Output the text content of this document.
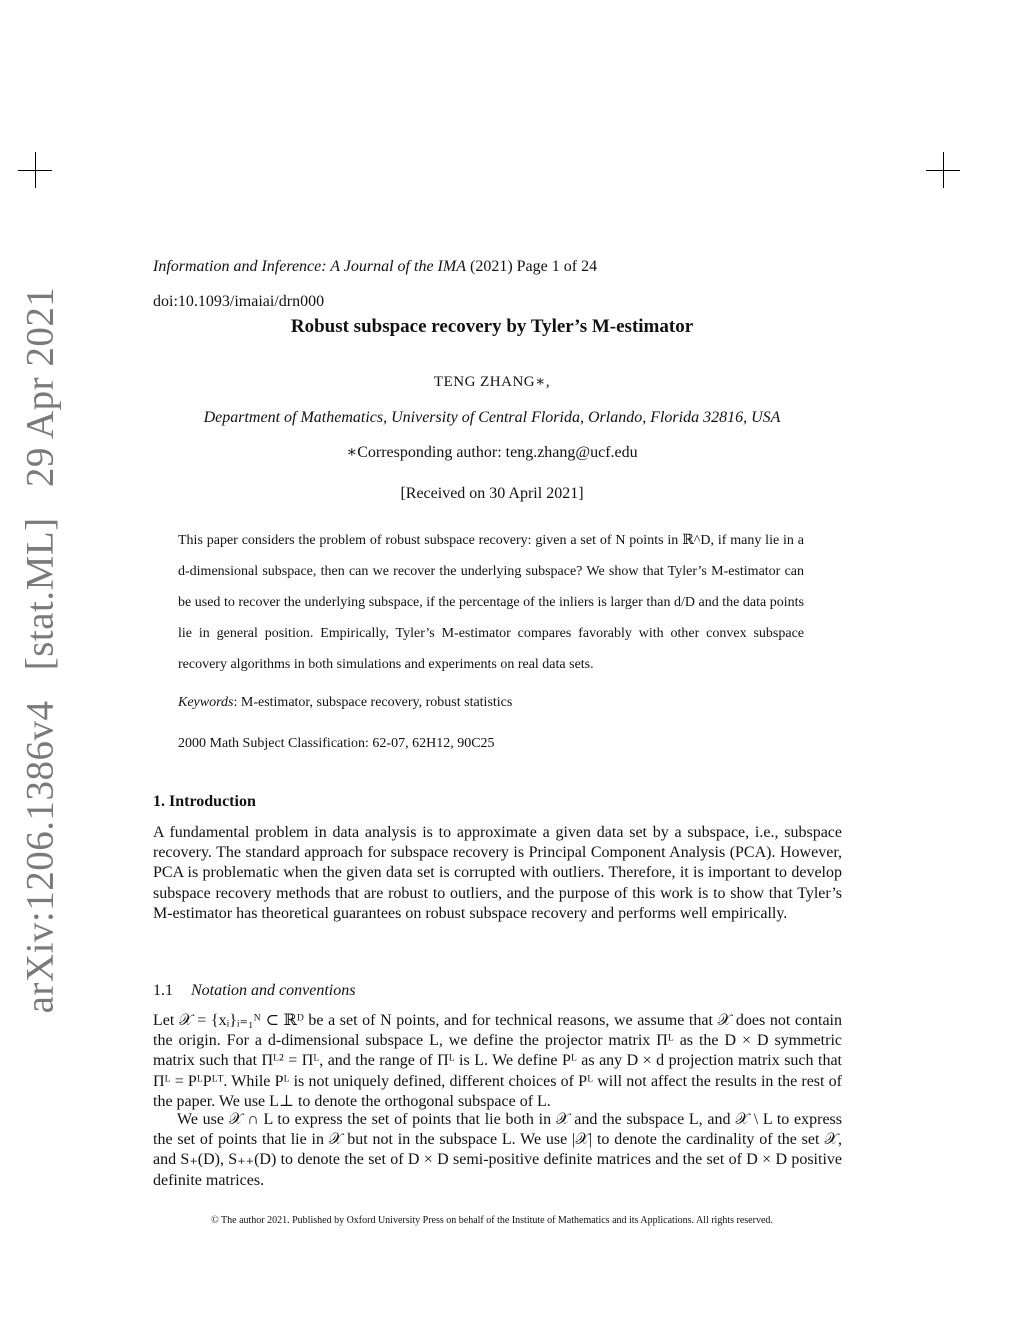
arXiv:1206.1386v4 [stat.ML] 29 Apr 2021
Information and Inference: A Journal of the IMA (2021) Page 1 of 24
doi:10.1093/imaiai/drn000
Robust subspace recovery by Tyler’s M-estimator
TENG ZHANG∗,
Department of Mathematics, University of Central Florida, Orlando, Florida 32816, USA
∗Corresponding author: teng.zhang@ucf.edu
[Received on 30 April 2021]
This paper considers the problem of robust subspace recovery: given a set of N points in ℝ^D, if many lie in a d-dimensional subspace, then can we recover the underlying subspace? We show that Tyler’s M-estimator can be used to recover the underlying subspace, if the percentage of the inliers is larger than d/D and the data points lie in general position. Empirically, Tyler’s M-estimator compares favorably with other convex subspace recovery algorithms in both simulations and experiments on real data sets.
Keywords: M-estimator, subspace recovery, robust statistics
2000 Math Subject Classification: 62-07, 62H12, 90C25
1. Introduction
A fundamental problem in data analysis is to approximate a given data set by a subspace, i.e., subspace recovery. The standard approach for subspace recovery is Principal Component Analysis (PCA). However, PCA is problematic when the given data set is corrupted with outliers. Therefore, it is important to develop subspace recovery methods that are robust to outliers, and the purpose of this work is to show that Tyler’s M-estimator has theoretical guarantees on robust subspace recovery and performs well empirically.
1.1 Notation and conventions
Let 𝒳 = {xᵢ}ᵢ₌₁ᴺ ⊂ ℝᴰ be a set of N points, and for technical reasons, we assume that 𝒳 does not contain the origin. For a d-dimensional subspace L, we define the projector matrix Πᴸ as the D × D symmetric matrix such that Πᴸ² = Πᴸ, and the range of Πᴸ is L. We define Pᴸ as any D × d projection matrix such that Πᴸ = PᴸPᴸᵀ. While Pᴸ is not uniquely defined, different choices of Pᴸ will not affect the results in the rest of the paper. We use L⊥ to denote the orthogonal subspace of L.
We use 𝒳 ∩ L to express the set of points that lie both in 𝒳 and the subspace L, and 𝒳 \ L to express the set of points that lie in 𝒳 but not in the subspace L. We use |𝒳| to denote the cardinality of the set 𝒳, and S₊(D), S₊₊(D) to denote the set of D × D semi-positive definite matrices and the set of D × D positive definite matrices.
© The author 2021. Published by Oxford University Press on behalf of the Institute of Mathematics and its Applications. All rights reserved.
